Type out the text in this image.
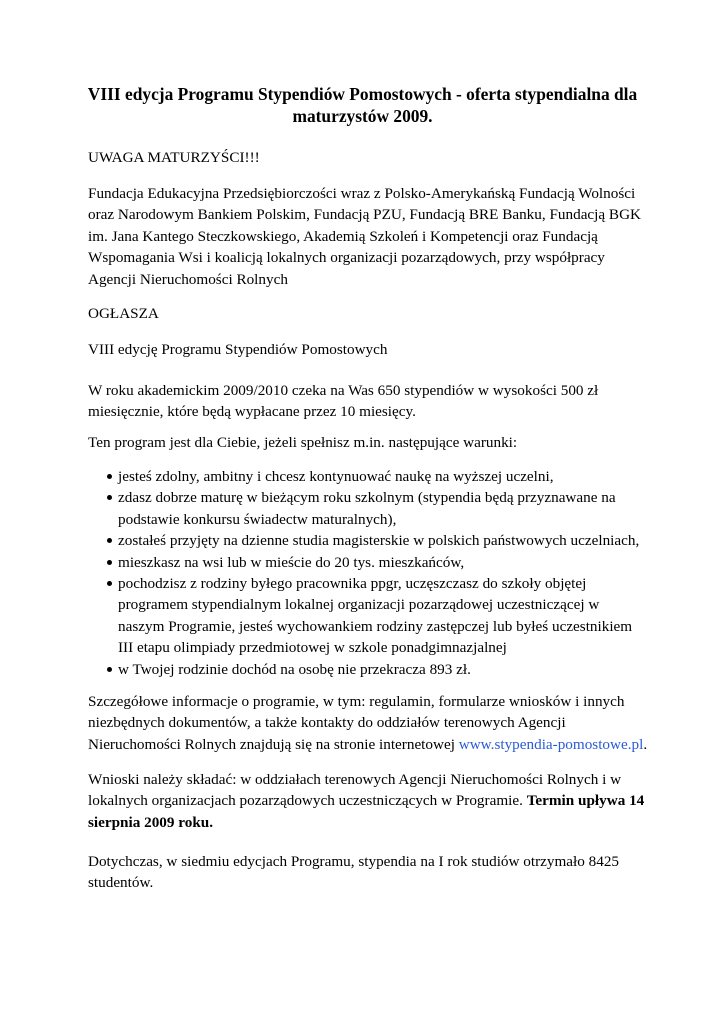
VIII edycja Programu Stypendiów Pomostowych - oferta stypendialna dla maturzystów 2009.

UWAGA MATURZYŚCI!!!

Fundacja Edukacyjna Przedsiębiorczości wraz z Polsko-Amerykańską Fundacją Wolności oraz Narodowym Bankiem Polskim, Fundacją PZU, Fundacją BRE Banku, Fundacją BGK im. Jana Kantego Steczkowskiego, Akademią Szkoleń i Kompetencji oraz Fundacją Wspomagania Wsi i koalicją lokalnych organizacji pozarządowych, przy współpracy Agencji Nieruchomości Rolnych

OGŁASZA

VIII edycję Programu Stypendiów Pomostowych

W roku akademickim 2009/2010 czeka na Was 650 stypendiów w wysokości 500 zł miesięcznie, które będą wypłacane przez 10 miesięcy.

Ten program jest dla Ciebie, jeżeli spełnisz m.in. następujące warunki:

jesteś zdolny, ambitny i chcesz kontynuować naukę na wyższej uczelni,
zdasz dobrze maturę w bieżącym roku szkolnym (stypendia będą przyznawane na podstawie konkursu świadectw maturalnych),
zostałeś przyjęty na dzienne studia magisterskie w polskich państwowych uczelniach,
mieszkasz na wsi lub w mieście do 20 tys. mieszkańców,
pochodzisz z rodziny byłego pracownika ppgr, uczęszczasz do szkoły objętej programem stypendialnym lokalnej organizacji pozarządowej uczestniczącej w naszym Programie, jesteś wychowankiem rodziny zastępczej lub byłeś uczestnikiem III etapu olimpiady przedmiotowej w szkole ponadgimnazjalnej
w Twojej rodzinie dochód na osobę nie przekracza 893 zł.

Szczegółowe informacje o programie, w tym: regulamin, formularze wniosków i innych niezbędnych dokumentów, a także kontakty do oddziałów terenowych Agencji Nieruchomości Rolnych znajdują się na stronie internetowej www.stypendia-pomostowe.pl.

Wnioski należy składać: w oddziałach terenowych Agencji Nieruchomości Rolnych i w lokalnych organizacjach pozarządowych uczestniczących w Programie. Termin upływa 14 sierpnia 2009 roku.

Dotychczas, w siedmiu edycjach Programu, stypendia na I rok studiów otrzymało 8425 studentów.
